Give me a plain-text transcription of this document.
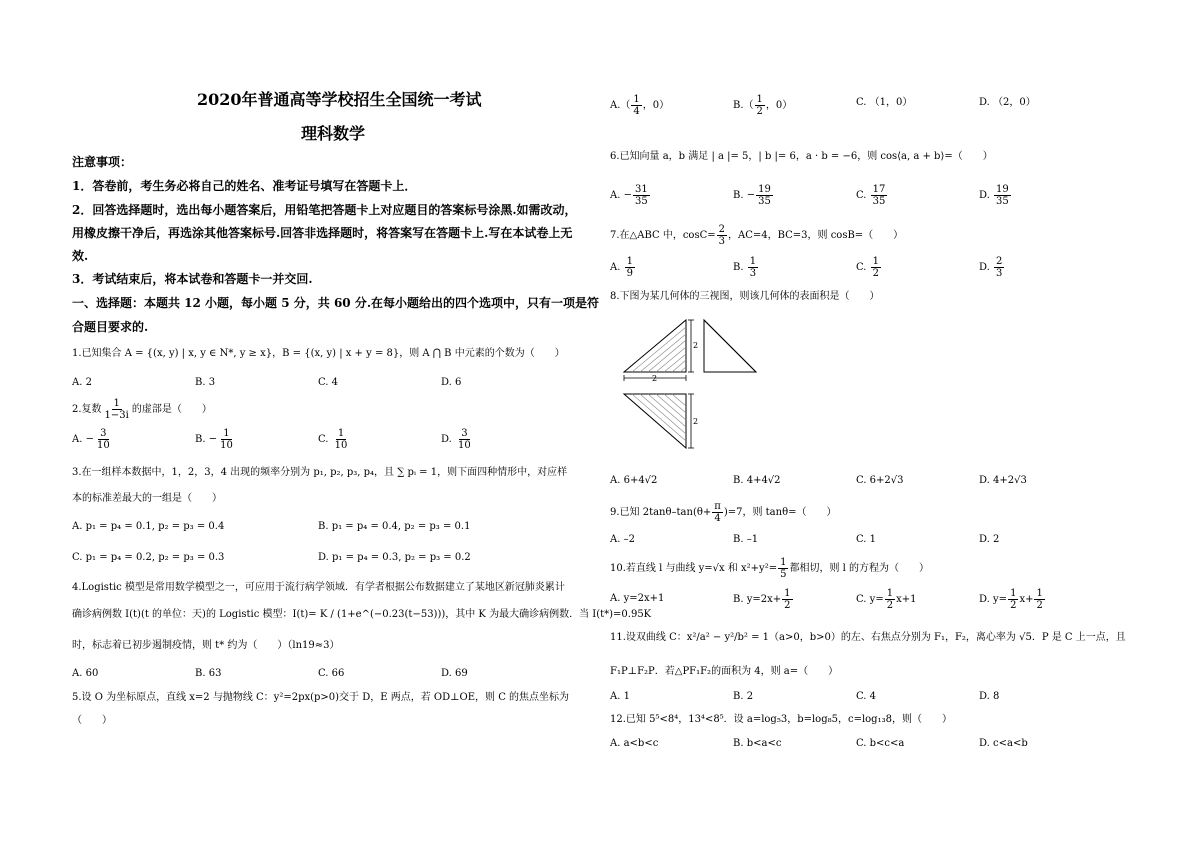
2020年普通高等学校招生全国统一考试
理科数学
注意事项：
1．答卷前，考生务必将自己的姓名、准考证号填写在答题卡上．
2．回答选择题时，选出每小题答案后，用铅笔把答题卡上对应题目的答案标号涂黑.如需改动，
用橡皮擦干净后，再选涂其他答案标号.回答非选择题时，将答案写在答题卡上.写在本试卷上无
效.
3．考试结束后，将本试卷和答题卡一并交回.
一、选择题：本题共 12 小题，每小题 5 分，共 60 分.在每小题给出的四个选项中，只有一项是符
合题目要求的.
1.已知集合 A = {(x, y) | x, y ∈ N*, y ≥ x}，B = {(x, y) | x + y = 8}，则 A ⋂ B 中元素的个数为（　　）
A. 2	B. 3	C. 4	D. 6
2.复数 $\frac{1}{1-3i}$ 的虚部是（　　）
A. − $\frac{3}{10}$	B. − $\frac{1}{10}$	C. $\frac{1}{10}$	D. $\frac{3}{10}$
3.在一组样本数据中，1，2，3，4 出现的频率分别为 p₁, p₂, p₃, p₄，且 ∑ pᵢ = 1，则下面四种情形中，对应样
本的标准差最大的一组是（　　）
A. p₁ = p₄ = 0.1, p₂ = p₃ = 0.4	B. p₁ = p₄ = 0.4, p₂ = p₃ = 0.1
C. p₁ = p₄ = 0.2, p₂ = p₃ = 0.3	D. p₁ = p₄ = 0.3, p₂ = p₃ = 0.2
4.Logistic 模型是常用数学模型之一，可应用于流行病学领域．有学者根据公布数据建立了某地区新冠肺炎累计
确诊病例数 I(t)(t 的单位：天)的 Logistic 模型：I(t)= K / (1+e^(−0.23(t−53)))，其中 K 为最大确诊病例数．当 I(t*)=0.95K
时，标志着已初步遏制疫情，则 t* 约为（　　）（ln19≈3）
A. 60	B. 63	C. 66	D. 69
5.设 O 为坐标原点，直线 x=2 与抛物线 C：y²=2px(p>0)交于 D，E 两点，若 OD⊥OE，则 C 的焦点坐标为
（　　）
$A.( \frac{1}{4}$ ，0）	$B.( \frac{1}{2}$ ，0）	C. （1，0）	D. （2，0）
6.已知向量 a，b 满足 | a |= 5，| b |= 6，a · b = −6，则 cos⟨a, a + b⟩=（　　）
A. − $\frac{31}{35}$	B. − $\frac{19}{35}$	C. $\frac{17}{35}$	D. $\frac{19}{35}$
7.在△ABC 中，$\cos C= \frac{2}{3}$ ，AC=4，BC=3，则 cosB=（　　）
A. $\frac{1}{9}$	B. $\frac{1}{3}$	C. $\frac{1}{2}$	D. $\frac{2}{3}$
8.下图为某几何体的三视图，则该几何体的表面积是（　　）
2
2
2
A. 6+4√2	B. 4+4√2	C. 6+2√3	D. 4+2√3
9.已知 $2\tan\theta-\tan(\theta+ \frac{\pi}{4} )=7$，则 tanθ=（　　）
A. –2	B. –1	C. 1	D. 2
10.若直线 l 与曲线 y=√x 和 $x^2+y^2= \frac{1}{5}$ 都相切，则 l 的方程为（　　）
A. y=2x+1	B. $y=2x+ \frac{1}{2}$	C. $y= \frac{1}{2} x+1$	D. $y= \frac{1}{2} x+ \frac{1}{2}$
11.设双曲线 C：x²/a² − y²/b² = 1（a>0，b>0）的左、右焦点分别为 F₁，F₂，离心率为 √5．P 是 C 上一点，且
F₁P⊥F₂P．若△PF₁F₂的面积为 4，则 a=（　　）
A. 1	B. 2	C. 4	D. 8
12.已知 5⁵<8⁴，13⁴<8⁵．设 a=log₅3，b=log₈5，c=log₁₃8，则（　　）
A. a<b<c	B. b<a<c	C. b<c<a	D. c<a<b
